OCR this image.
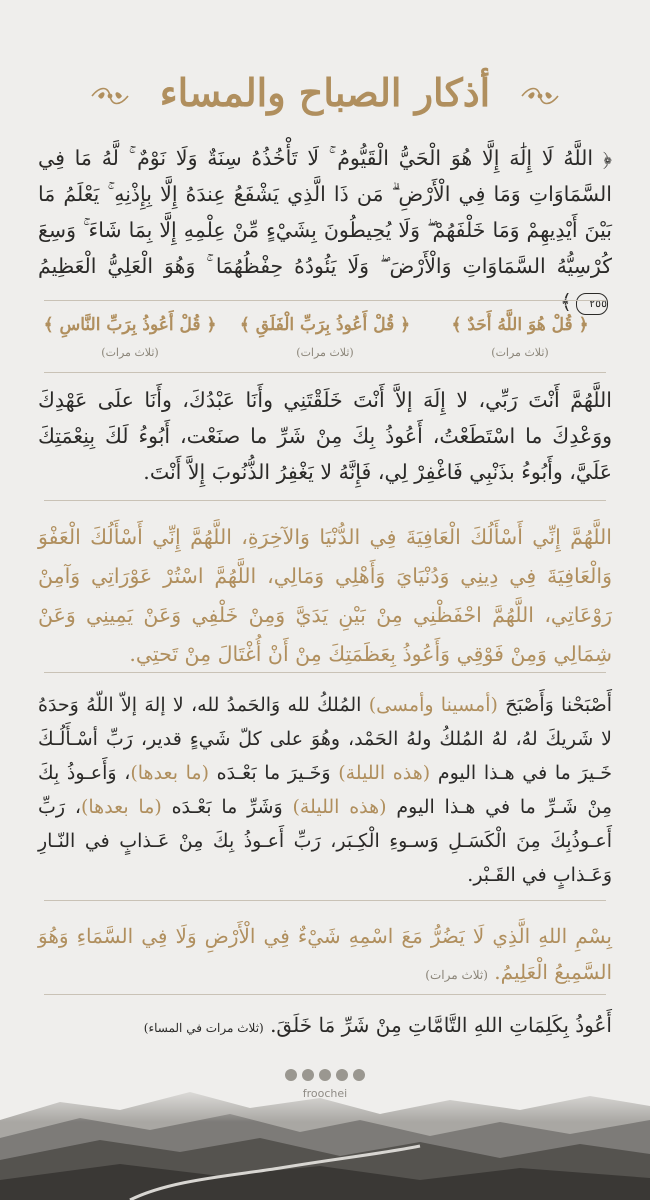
أذكار الصباح والمساء
﴿ اللَّهُ لَا إِلَٰهَ إِلَّا هُوَ الْحَيُّ الْقَيُّومُ ۚ لَا تَأْخُذُهُ سِنَةٌ وَلَا نَوْمٌ ۚ لَّهُ مَا فِي السَّمَاوَاتِ وَمَا فِي الْأَرْضِ ۗ مَن ذَا الَّذِي يَشْفَعُ عِندَهُ إِلَّا بِإِذْنِهِ ۚ يَعْلَمُ مَا بَيْنَ أَيْدِيهِمْ وَمَا خَلْفَهُمْ ۖ وَلَا يُحِيطُونَ بِشَيْءٍ مِّنْ عِلْمِهِ إِلَّا بِمَا شَاءَ ۚ وَسِعَ كُرْسِيُّهُ السَّمَاوَاتِ وَالْأَرْضَ ۖ وَلَا يَئُودُهُ حِفْظُهُمَا ۚ وَهُوَ الْعَلِيُّ الْعَظِيمُ ٢٥٥﴾
﴿ قُلْ هُوَ اللَّهُ أَحَدٌ ﴾
(ثلاث مرات)
﴿ قُلْ أَعُوذُ بِرَبِّ الْفَلَقِ ﴾
(ثلاث مرات)
﴿ قُلْ أَعُوذُ بِرَبِّ النَّاسِ ﴾
(ثلاث مرات)
اللَّهُمَّ أَنْتَ رَبِّي، لا إِلَهَ إلاَّ أَنْتَ خَلَقْتَنِي وأَنَا عَبْدُكَ، وأَنَا علَى عَهْدِكَ ووَعْدِكَ ما اسْتَطَعْتُ، أَعُوذُ بِكَ مِنْ شَرِّ ما صنَعْت، أَبُوءُ لَكَ بِنِعْمَتِكَ عَلَيَّ، وأَبُوءُ بذَنْبِي فَاغْفِرْ لِي، فَإِنَّهُ لا يَغْفِرُ الذُّنُوبَ إِلاَّ أَنْتَ.
اللَّهُمَّ إِنِّي أَسْأَلُكَ الْعَافِيَةَ فِي الدُّنْيَا وَالآخِرَةِ، اللَّهُمَّ إِنِّي أَسْأَلُكَ الْعَفْوَ وَالْعَافِيَةَ فِي دِينِي وَدُنْيَايَ وَأَهْلِي وَمَالِي، اللَّهُمَّ اسْتُرْ عَوْرَاتِي وَآمِنْ رَوْعَاتِي، اللَّهُمَّ احْفَظْنِي مِنْ بَيْنِ يَدَيَّ وَمِنْ خَلْفِي وَعَنْ يَمِينِي وَعَنْ شِمَالِي وَمِنْ فَوْقِي وَأَعُوذُ بِعَظَمَتِكَ مِنْ أَنْ أُغْتَالَ مِنْ تَحتِي.
أَصْبَحْنا وَأَصْبَحَ (أمسينا وأمسى) المُلكُ لله وَالحَمدُ لله، لا إلهَ إلاّ اللّهُ وَحدَهُ لا شَريكَ لهُ، لهُ المُلكُ ولهُ الحَمْد، وهُوَ على كلّ شَيءٍ قدير، رَبِّ أسْـأَلُـكَ خَـيرَ ما في هـذا اليوم (هذه الليلة) وَخَـيرَ ما بَعْـدَه (ما بعدها)، وَأَعـوذُ بِكَ مِنْ شَـرِّ ما في هـذا اليوم (هذه الليلة) وَشَرِّ ما بَعْـدَه (ما بعدها)، رَبِّ أَعـوذُبِكَ مِنَ الْكَسَـلِ وَسـوءِ الْكِـبَر، رَبِّ أَعـوذُ بِكَ مِنْ عَـذابٍ في النّـارِ وَعَـذابٍ في القَـبْر.
بِسْمِ اللهِ الَّذِي لَا يَضُرُّ مَعَ اسْمِهِ شَيْءٌ فِي الْأَرْضِ وَلَا فِي السَّمَاءِ وَهُوَ السَّمِيعُ الْعَلِيمُ. (ثلاث مرات)
أَعُوذُ بِكَلِمَاتِ اللهِ التَّامَّاتِ مِنْ شَرِّ مَا خَلَقَ. (ثلاث مرات في المساء)
froochei
